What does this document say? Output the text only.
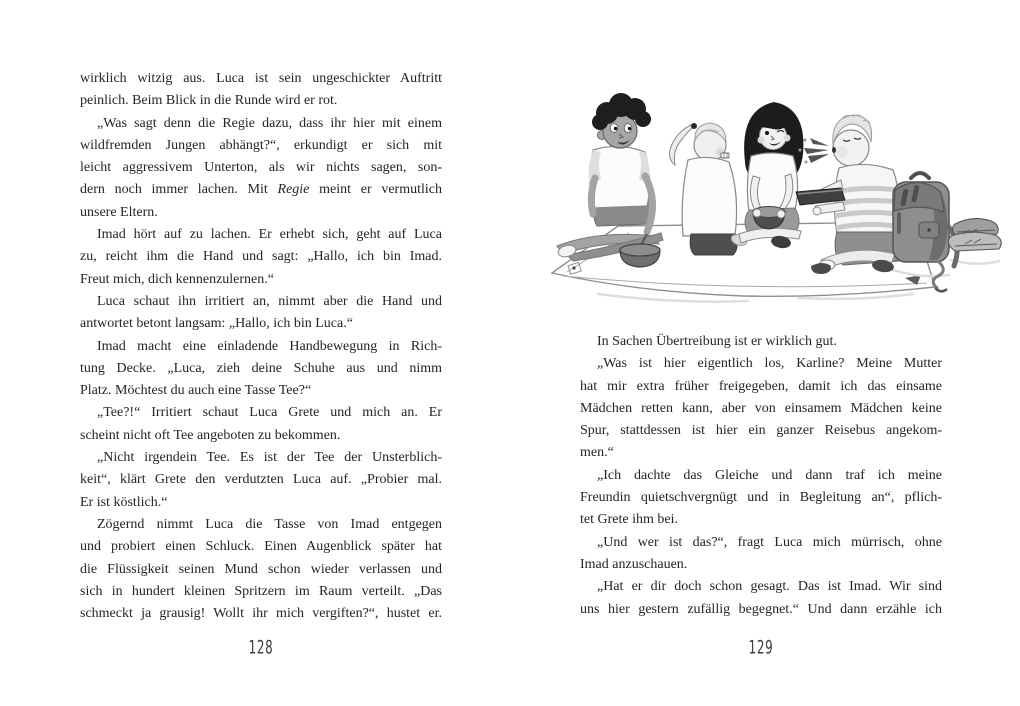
wirklich witzig aus. Luca ist sein ungeschickter Auftritt
peinlich. Beim Blick in die Runde wird er rot.
„Was sagt denn die Regie dazu, dass ihr hier mit einem
wildfremden Jungen abhängt?“, erkundigt er sich mit
leicht aggressivem Unterton, als wir nichts sagen, son-
dern noch immer lachen. Mit Regie meint er vermutlich
unsere Eltern.
Imad hört auf zu lachen. Er erhebt sich, geht auf Luca
zu, reicht ihm die Hand und sagt: „Hallo, ich bin Imad.
Freut mich, dich kennenzulernen.“
Luca schaut ihn irritiert an, nimmt aber die Hand und
antwortet betont langsam: „Hallo, ich bin Luca.“
Imad macht eine einladende Handbewegung in Rich-
tung Decke. „Luca, zieh deine Schuhe aus und nimm
Platz. Möchtest du auch eine Tasse Tee?“
„Tee?!“ Irritiert schaut Luca Grete und mich an. Er
scheint nicht oft Tee angeboten zu bekommen.
„Nicht irgendein Tee. Es ist der Tee der Unsterblich-
keit“, klärt Grete den verdutzten Luca auf. „Probier mal.
Er ist köstlich.“
Zögernd nimmt Luca die Tasse von Imad entgegen
und probiert einen Schluck. Einen Augenblick später hat
die Flüssigkeit seinen Mund schon wieder verlassen und
sich in hundert kleinen Spritzern im Raum verteilt. „Das
schmeckt ja grausig! Wollt ihr mich vergiften?“, hustet er.
128
In Sachen Übertreibung ist er wirklich gut.
„Was ist hier eigentlich los, Karline? Meine Mutter
hat mir extra früher freigegeben, damit ich das einsame
Mädchen retten kann, aber von einsamem Mädchen keine
Spur, stattdessen ist hier ein ganzer Reisebus angekom-
men.“
„Ich dachte das Gleiche und dann traf ich meine
Freundin quietschvergnügt und in Begleitung an“, pflich-
tet Grete ihm bei.
„Und wer ist das?“, fragt Luca mich mürrisch, ohne
Imad anzuschauen.
„Hat er dir doch schon gesagt. Das ist Imad. Wir sind
uns hier gestern zufällig begegnet.“ Und dann erzähle ich
129
